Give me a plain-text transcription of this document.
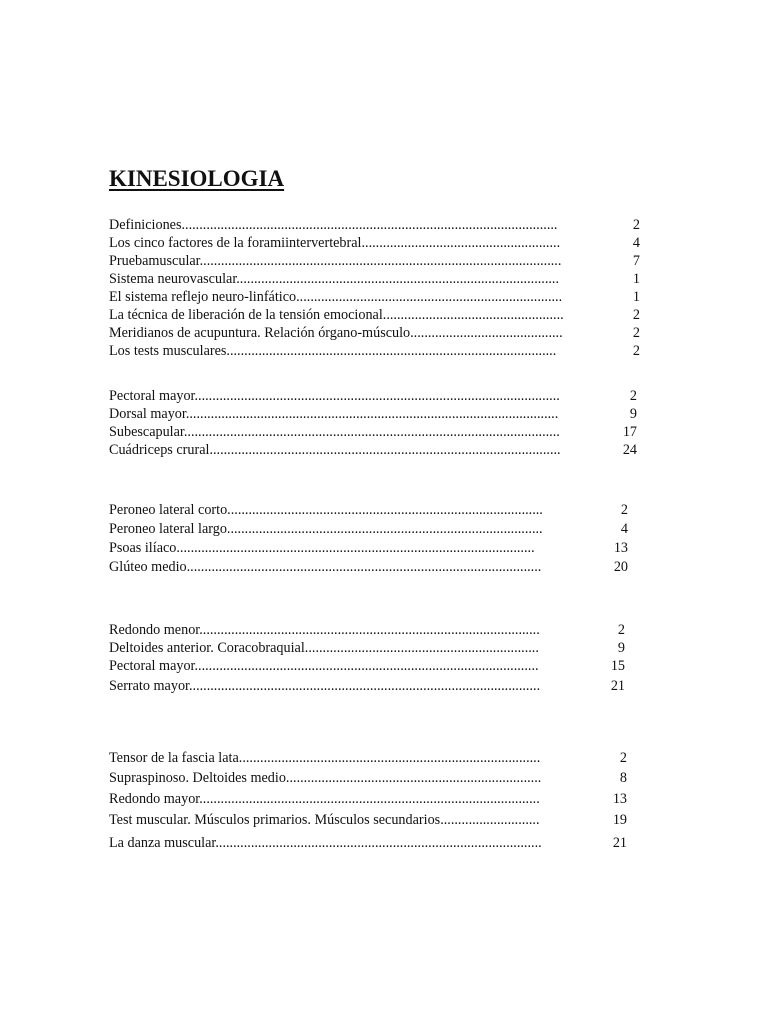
KINESIOLOGIA
Definiciones..........................................................................................................	2
Los cinco factores de la foramiintervertebral........................................................	4
Pruebamuscular......................................................................................................	7
Sistema neurovascular...........................................................................................	1
El sistema reflejo neuro-linfático...........................................................................	1
La técnica de liberación de la tensión emocional...................................................	2
Meridianos de acupuntura. Relación órgano-músculo...........................................	2
Los tests musculares.............................................................................................	2
Pectoral mayor.......................................................................................................	2
Dorsal mayor.........................................................................................................	9
Subescapular..........................................................................................................	17
Cuádriceps crural...................................................................................................	24
Peroneo lateral corto.........................................................................................	2
Peroneo lateral largo.........................................................................................	4
Psoas ilíaco.....................................................................................................	13
Glúteo medio....................................................................................................	20
Redondo menor................................................................................................	2
Deltoides anterior. Coracobraquial..................................................................	9
Pectoral mayor.................................................................................................	15
Serrato mayor...................................................................................................	21
Tensor de la fascia lata.....................................................................................	2
Supraspinoso. Deltoides medio........................................................................	8
Redondo mayor................................................................................................	13
Test muscular. Músculos primarios. Músculos secundarios............................	19
La danza muscular............................................................................................	21
